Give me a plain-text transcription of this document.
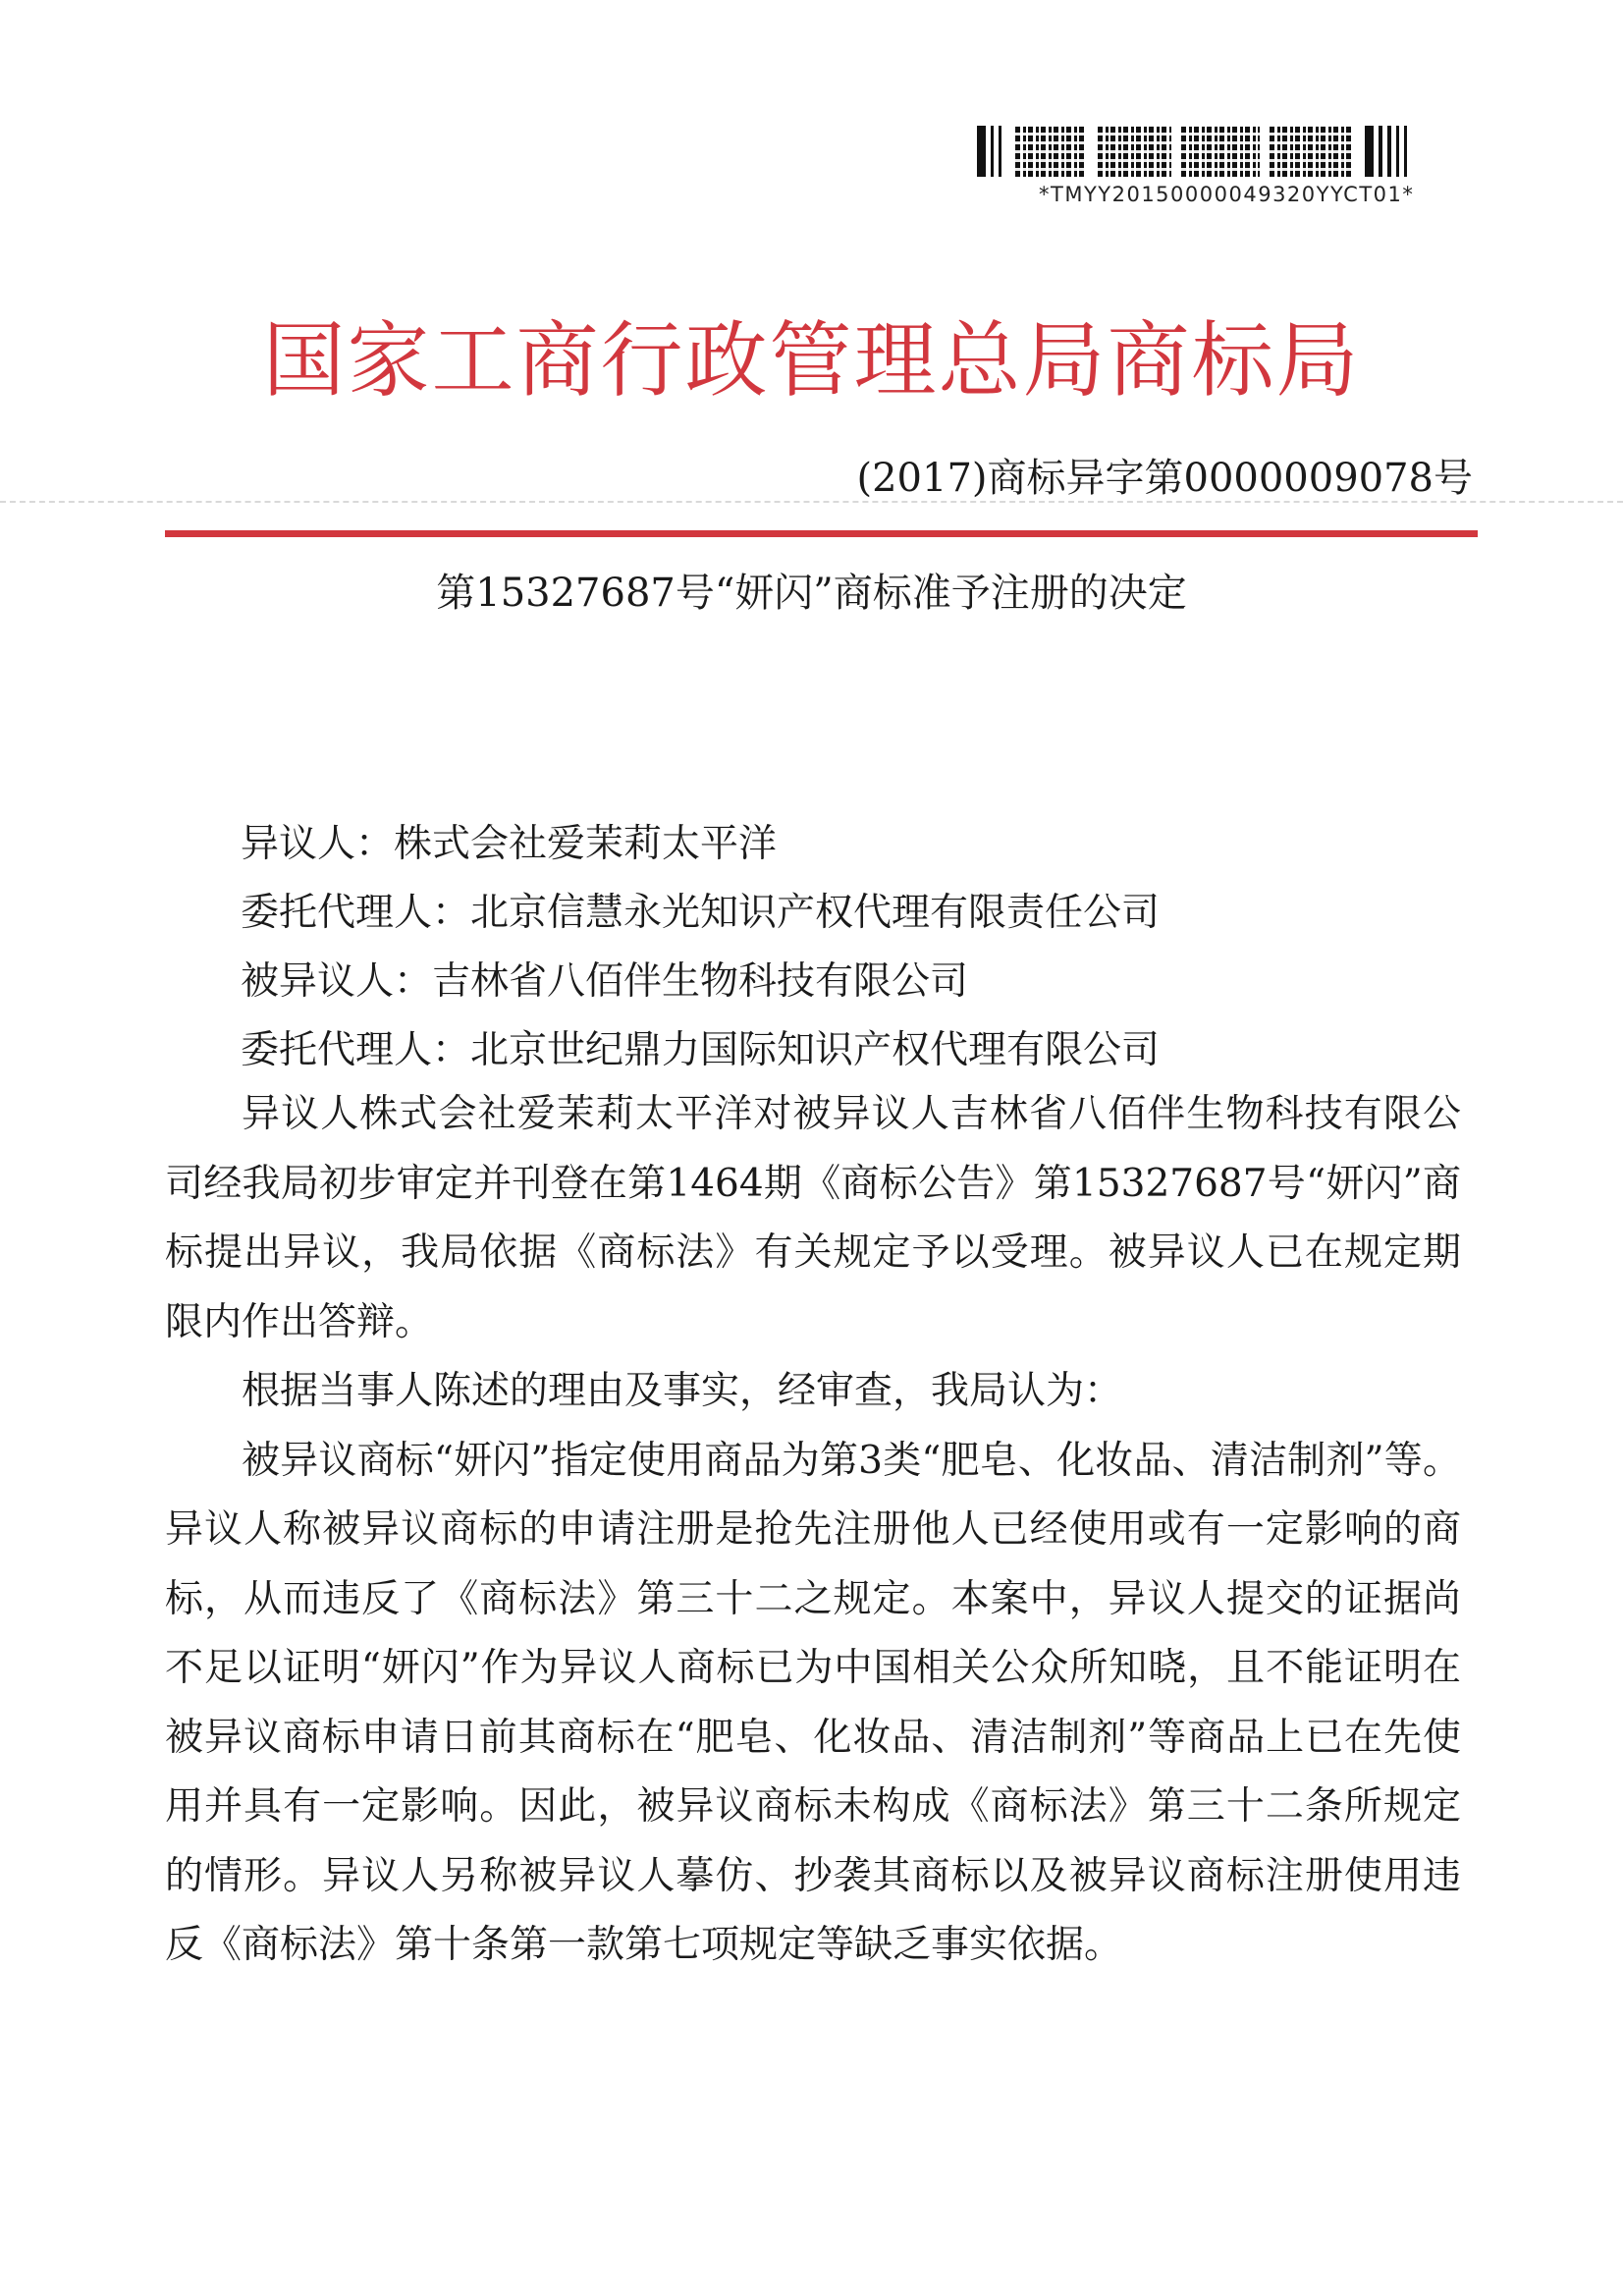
*TMYY20150000049320YYCT01*
国家工商行政管理总局商标局
(2017)商标异字第0000009078号
第15327687号“妍闪”商标准予注册的决定
异议人：株式会社爱茉莉太平洋
委托代理人：北京信慧永光知识产权代理有限责任公司
被异议人：吉林省八佰伴生物科技有限公司
委托代理人：北京世纪鼎力国际知识产权代理有限公司

异议人株式会社爱茉莉太平洋对被异议人吉林省八佰伴生物科技有限公司经我局初步审定并刊登在第1464期《商标公告》第15327687号“妍闪”商标提出异议，我局依据《商标法》有关规定予以受理。被异议人已在规定期限内作出答辩。

根据当事人陈述的理由及事实，经审查，我局认为：

被异议商标“妍闪”指定使用商品为第3类“肥皂、化妆品、清洁制剂”等。异议人称被异议商标的申请注册是抢先注册他人已经使用或有一定影响的商标，从而违反了《商标法》第三十二之规定。本案中，异议人提交的证据尚不足以证明“妍闪”作为异议人商标已为中国相关公众所知晓，且不能证明在被异议商标申请日前其商标在“肥皂、化妆品、清洁制剂”等商品上已在先使用并具有一定影响。因此，被异议商标未构成《商标法》第三十二条所规定的情形。异议人另称被异议人摹仿、抄袭其商标以及被异议商标注册使用违反《商标法》第十条第一款第七项规定等缺乏事实依据。
